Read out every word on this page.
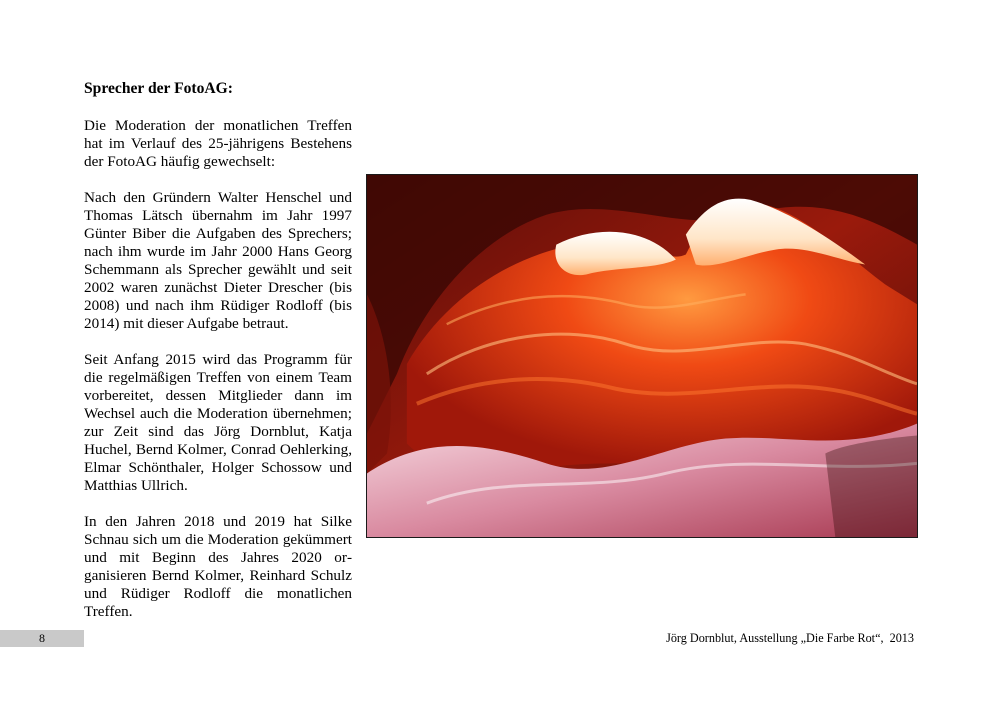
Sprecher der FotoAG:

Die Moderation der monatlichen Treffen hat im Verlauf des 25-jährigens Bestehens der FotoAG häufig gewechselt:

Nach den Gründern Walter Henschel und Thomas Lätsch übernahm im Jahr 1997 Günter Biber die Aufgaben des Sprechers; nach ihm wurde im Jahr 2000 Hans Georg Schemmann als Sprecher gewählt und seit 2002 waren zunächst Dieter Drescher (bis 2008) und nach ihm Rüdiger Rodloff (bis 2014) mit dieser Aufgabe betraut.

Seit Anfang 2015 wird das Programm für die regelmäßigen Treffen von einem Team vorbereitet, dessen Mitglieder dann im Wechsel auch die Moderation übernehmen; zur Zeit sind das Jörg Dornblut, Katja Huchel, Bernd Kolmer, Conrad Oehlerking, Elmar Schönthaler, Holger Schossow und Matthias Ullrich.

In den Jahren 2018 und 2019 hat Silke Schnau sich um die Moderation gekümmert und mit Beginn des Jahres 2020 organisieren Bernd Kolmer, Reinhard Schulz und Rüdiger Rodloff die monatlichen Treffen.

8	Jörg Dornblut, Ausstellung „Die Farbe Rot“,  2013
